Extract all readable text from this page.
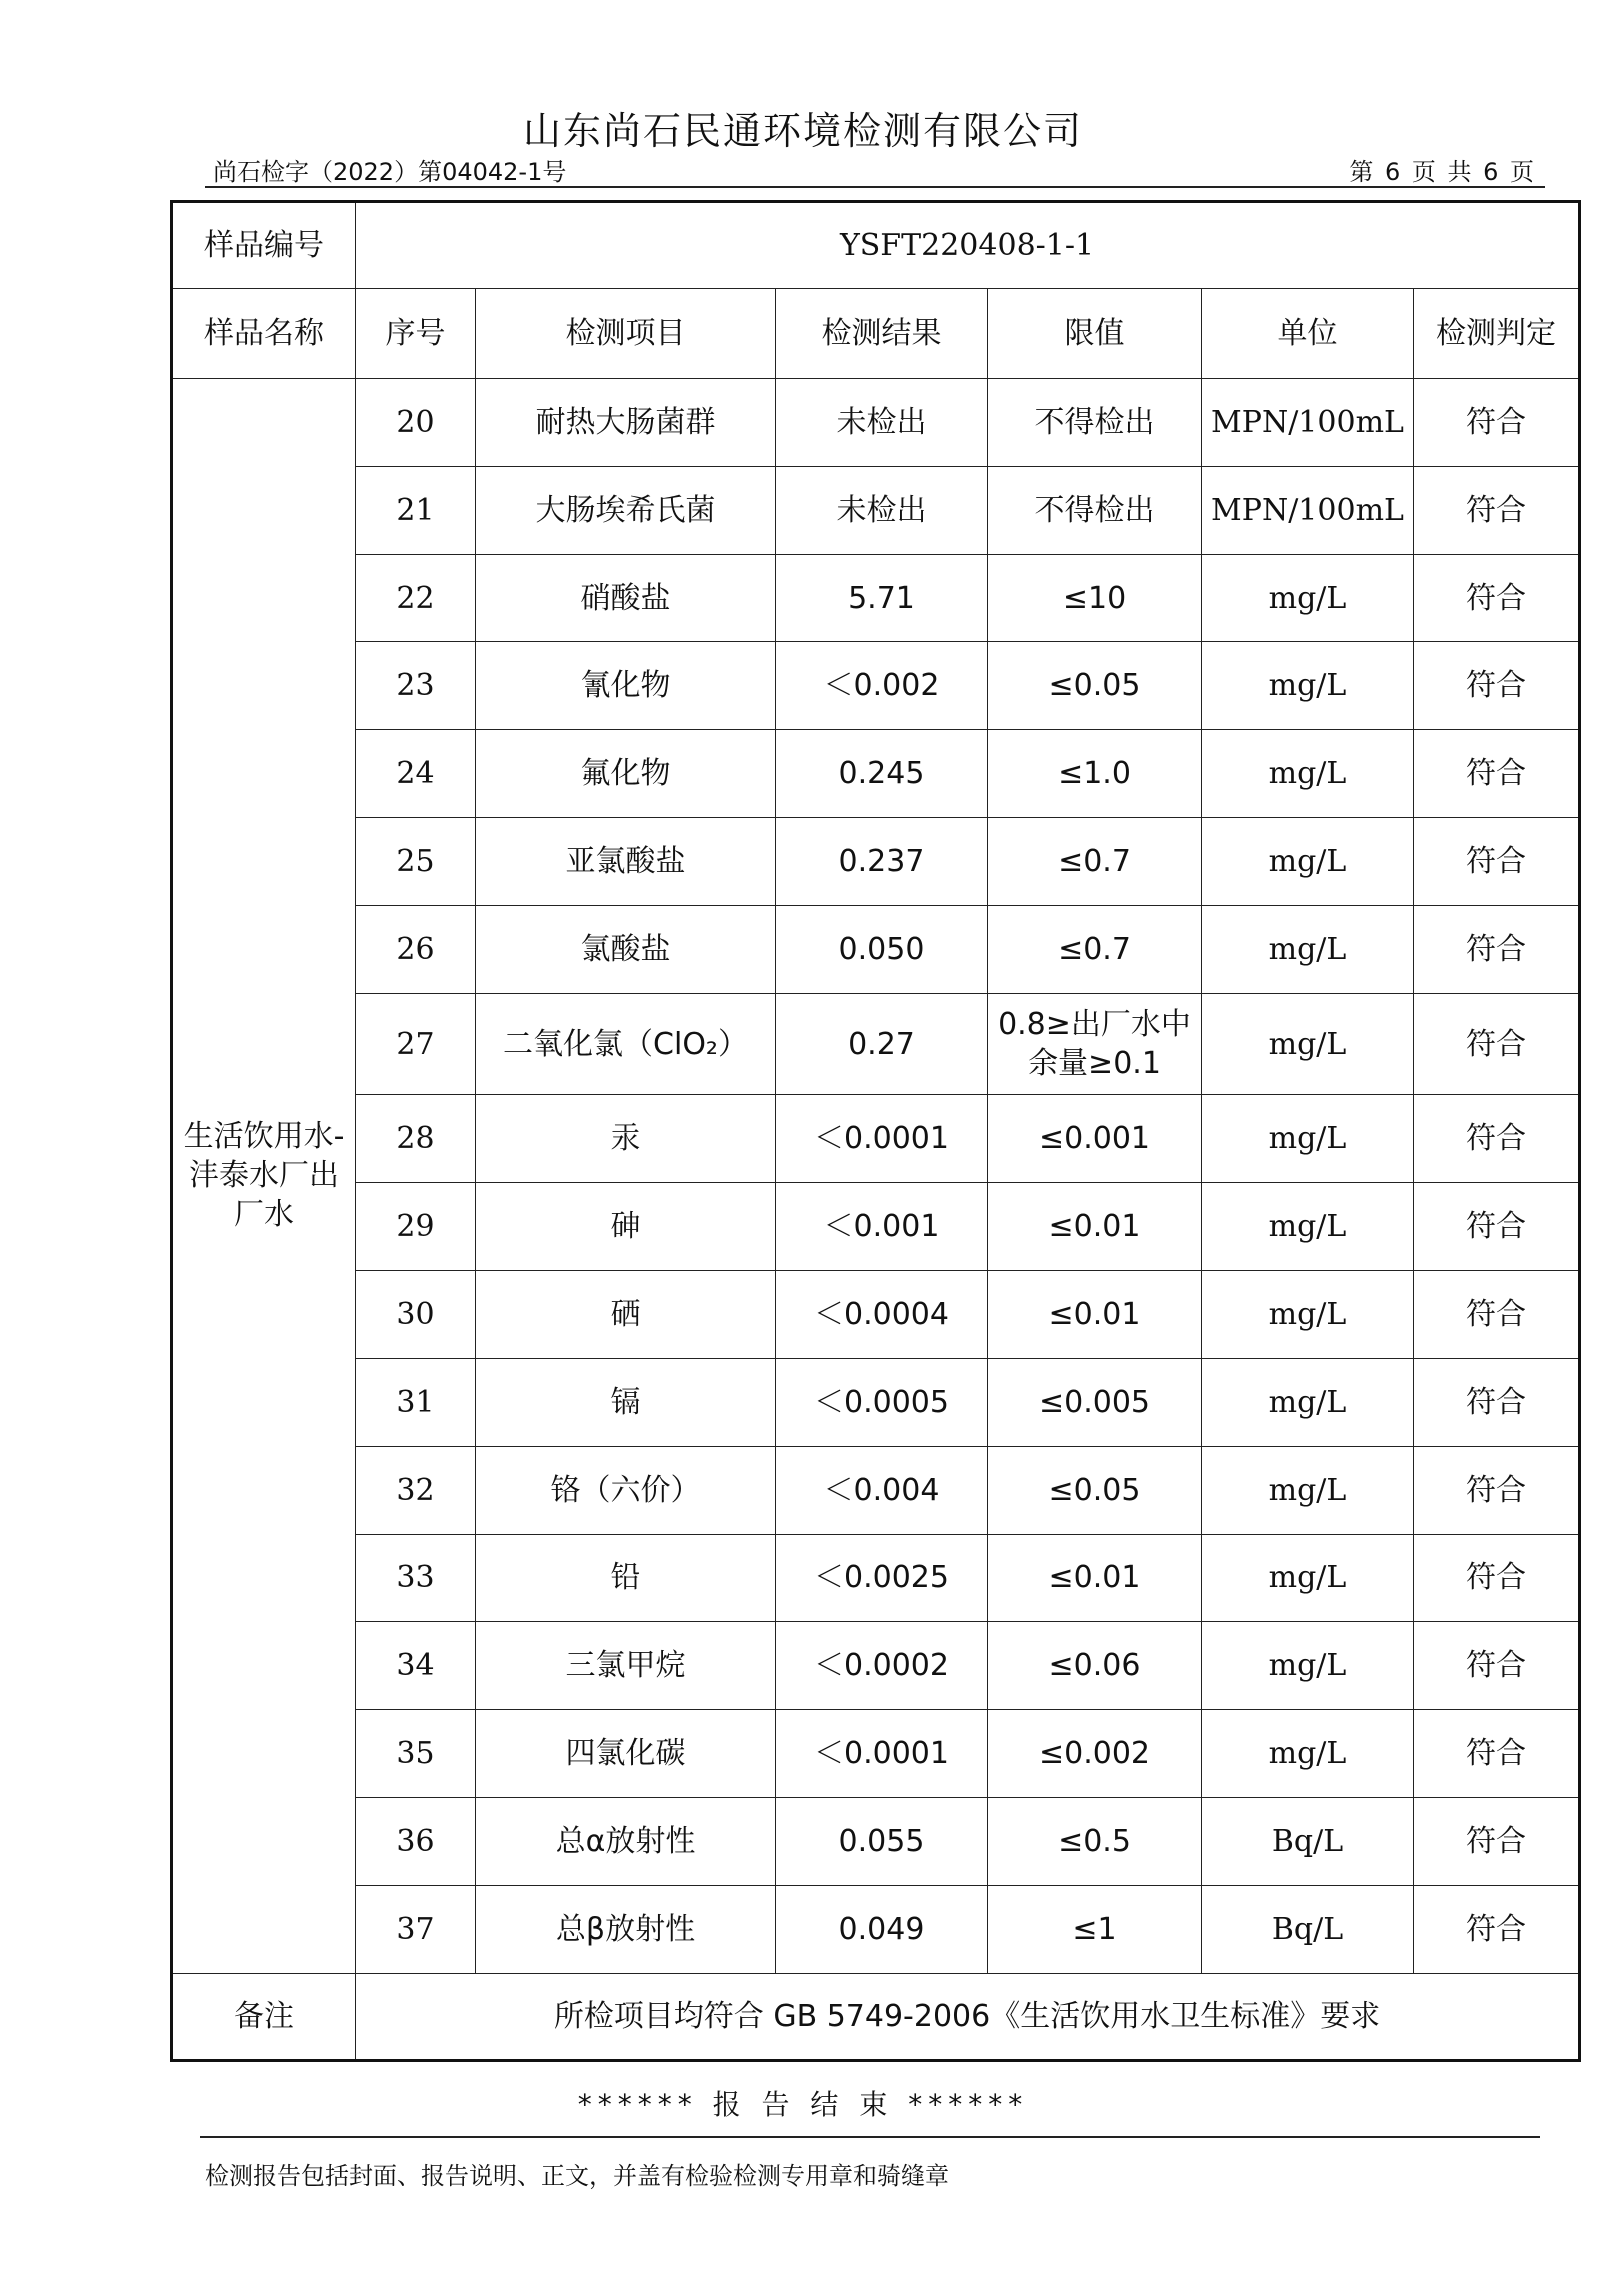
山东尚石民通环境检测有限公司
尚石检字（2022）第04042-1号	第 6 页 共 6 页
样品编号	YSFT220408-1-1					
样品名称	序号	检测项目	检测结果	限值	单位	检测判定
生活饮用水-沣泰水厂出厂水	20	耐热大肠菌群	未检出	不得检出	MPN/100mL	符合
	21	大肠埃希氏菌	未检出	不得检出	MPN/100mL	符合
	22	硝酸盐	5.71	≤10	mg/L	符合
	23	氰化物	＜0.002	≤0.05	mg/L	符合
	24	氟化物	0.245	≤1.0	mg/L	符合
	25	亚氯酸盐	0.237	≤0.7	mg/L	符合
	26	氯酸盐	0.050	≤0.7	mg/L	符合
	27	二氧化氯（ClO₂）	0.27	0.8≥出厂水中余量≥0.1	mg/L	符合
	28	汞	＜0.0001	≤0.001	mg/L	符合
	29	砷	＜0.001	≤0.01	mg/L	符合
	30	硒	＜0.0004	≤0.01	mg/L	符合
	31	镉	＜0.0005	≤0.005	mg/L	符合
	32	铬（六价）	＜0.004	≤0.05	mg/L	符合
	33	铅	＜0.0025	≤0.01	mg/L	符合
	34	三氯甲烷	＜0.0002	≤0.06	mg/L	符合
	35	四氯化碳	＜0.0001	≤0.002	mg/L	符合
	36	总α放射性	0.055	≤0.5	Bq/L	符合
	37	总β放射性	0.049	≤1	Bq/L	符合
备注	所检项目均符合 GB 5749-2006《生活饮用水卫生标准》要求					
****** 报 告 结 束 ******
检测报告包括封面、报告说明、正文，并盖有检验检测专用章和骑缝章
